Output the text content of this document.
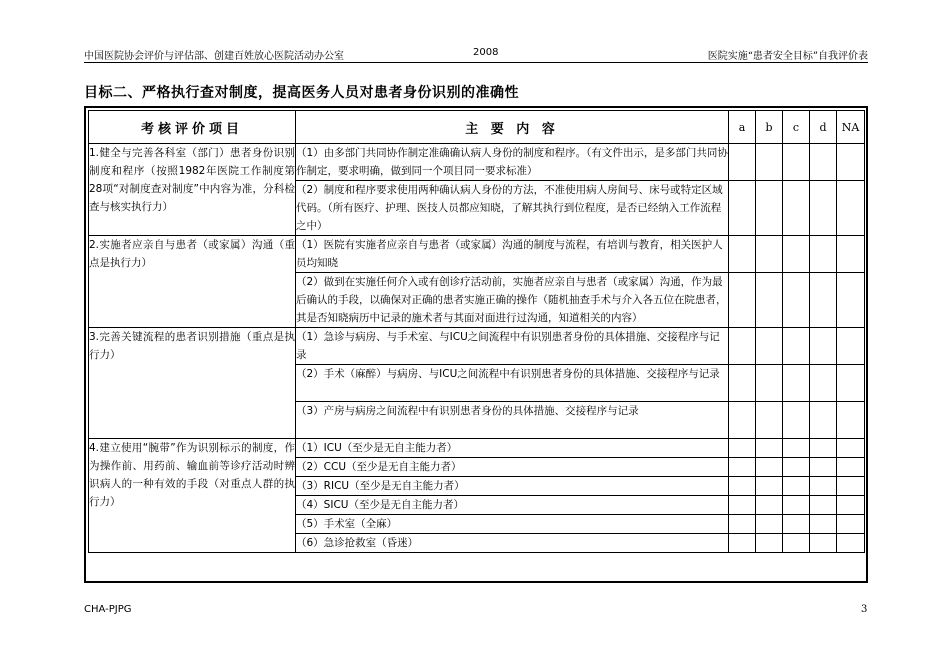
中国医院协会评价与评估部、创建百姓放心医院活动办公室	2008	医院实施“患者安全目标”自我评价表
目标二、严格执行查对制度，提高医务人员对患者身份识别的准确性
考核评价项目	主 要 内 容	a	b	c	d	NA
1.健全与完善各科室（部门）患者身份识别制度和程序（按照1982年医院工作制度第28项“对制度查对制度”中内容为准，分科检查与核实执行力）	（1）由多部门共同协作制定准确确认病人身份的制度和程序。（有文件出示，是多部门共同协作制定，要求明确，做到同一个项目同一要求标准）					
	（2）制度和程序要求使用两种确认病人身份的方法，不准使用病人房间号、床号或特定区域代码。（所有医疗、护理、医技人员都应知晓，了解其执行到位程度，是否已经纳入工作流程之中）					
2.实施者应亲自与患者（或家属）沟通（重点是执行力）	（1）医院有实施者应亲自与患者（或家属）沟通的制度与流程，有培训与教育，相关医护人员均知晓					
	（2）做到在实施任何介入或有创诊疗活动前，实施者应亲自与患者（或家属）沟通，作为最后确认的手段，以确保对正确的患者实施正确的操作（随机抽查手术与介入各五位在院患者，其是否知晓病历中记录的施术者与其面对面进行过沟通，知道相关的内容）					
3.完善关键流程的患者识别措施（重点是执行力）	（1）急诊与病房、与手术室、与ICU之间流程中有识别患者身份的具体措施、交接程序与记录					
	（2）手术（麻醉）与病房、与ICU之间流程中有识别患者身份的具体措施、交接程序与记录					
	（3）产房与病房之间流程中有识别患者身份的具体措施、交接程序与记录					
4.建立使用“腕带”作为识别标示的制度，作为操作前、用药前、输血前等诊疗活动时辨识病人的一种有效的手段（对重点人群的执行力）	（1）ICU（至少是无自主能力者）					
	（2）CCU（至少是无自主能力者）					
	（3）RICU（至少是无自主能力者）					
	（4）SICU（至少是无自主能力者）					
	（5）手术室（全麻）					
	（6）急诊抢救室（昏迷）					
CHA-PJPG	3
